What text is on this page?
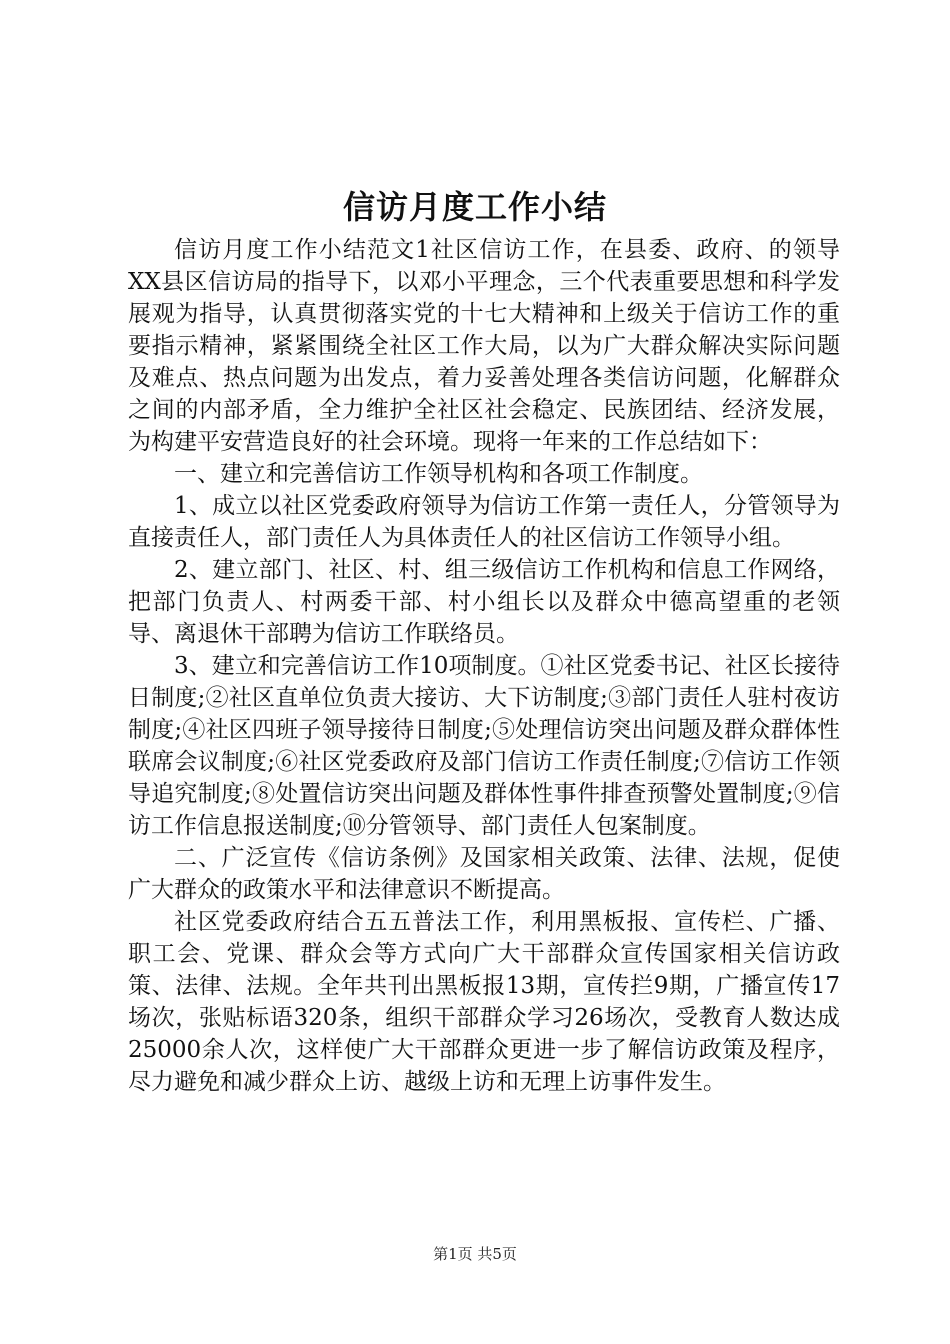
信访月度工作小结

信访月度工作小结范文1社区信访工作，在县委、政府、的领导XX县区信访局的指导下，以邓小平理念，三个代表重要思想和科学发展观为指导，认真贯彻落实党的十七大精神和上级关于信访工作的重要指示精神，紧紧围绕全社区工作大局，以为广大群众解决实际问题及难点、热点问题为出发点，着力妥善处理各类信访问题，化解群众之间的内部矛盾，全力维护全社区社会稳定、民族团结、经济发展，为构建平安营造良好的社会环境。现将一年来的工作总结如下：

一、建立和完善信访工作领导机构和各项工作制度。

1、成立以社区党委政府领导为信访工作第一责任人，分管领导为直接责任人，部门责任人为具体责任人的社区信访工作领导小组。

2、建立部门、社区、村、组三级信访工作机构和信息工作网络，把部门负责人、村两委干部、村小组长以及群众中德高望重的老领导、离退休干部聘为信访工作联络员。

3、建立和完善信访工作10项制度。①社区党委书记、社区长接待日制度;②社区直单位负责大接访、大下访制度;③部门责任人驻村夜访制度;④社区四班子领导接待日制度;⑤处理信访突出问题及群众群体性联席会议制度;⑥社区党委政府及部门信访工作责任制度;⑦信访工作领导追究制度;⑧处置信访突出问题及群体性事件排查预警处置制度;⑨信访工作信息报送制度;⑩分管领导、部门责任人包案制度。

二、广泛宣传《信访条例》及国家相关政策、法律、法规，促使广大群众的政策水平和法律意识不断提高。

社区党委政府结合五五普法工作，利用黑板报、宣传栏、广播、职工会、党课、群众会等方式向广大干部群众宣传国家相关信访政策、法律、法规。全年共刊出黑板报13期，宣传拦9期，广播宣传17场次，张贴标语320条，组织干部群众学习26场次，受教育人数达成25000余人次，这样使广大干部群众更进一步了解信访政策及程序，尽力避免和减少群众上访、越级上访和无理上访事件发生。

第1页 共5页
